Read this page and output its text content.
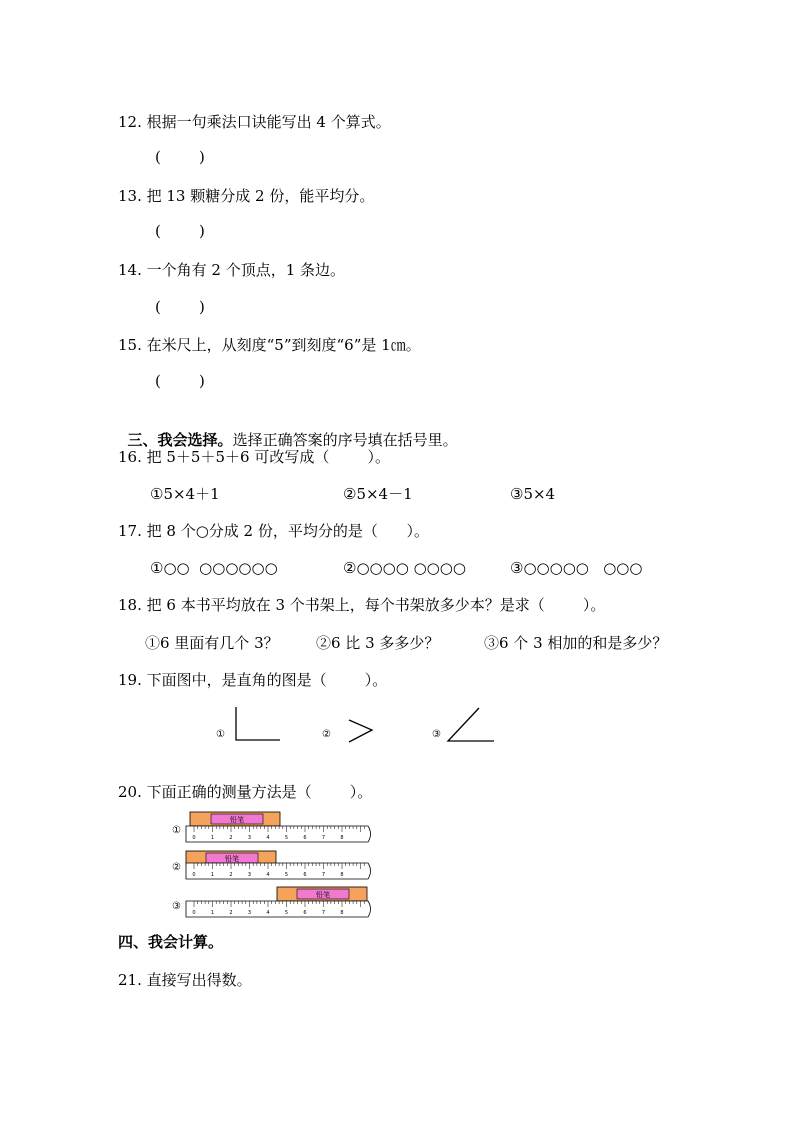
12. 根据一句乘法口诀能写出 4 个算式。
(        )
13. 把 13 颗糖分成 2 份，能平均分。
(        )
14. 一个角有 2 个顶点，1 条边。
(        )
15. 在米尺上，从刻度“5”到刻度“6”是 1㎝。
(        )

三、我会选择。选择正确答案的序号填在括号里。

16. 把 5＋5＋5＋6 可改写成（        ）。
①5×4＋1	②5×4－1	③5×4
17. 把 8 个○分成 2 份，平均分的是（      ）。
①○○  ○○○○○○	②○○○○ ○○○○	③○○○○○   ○○○
18. 把 6 本书平均放在 3 个书架上，每个书架放多少本？是求（        ）。
①6 里面有几个 3？ ②6 比 3 多多少？	③6 个 3 相加的和是多少？
19. 下面图中，是直角的图是（        ）。
①	②	③
20. 下面正确的测量方法是（        ）。
①
铅笔
0	1	2	3	4	5	6	7	8
②
铅笔
0	1	2	3	4	5	6	7	8
③
铅笔
0	1	2	3	4	5	6	7	8
四、我会计算。
21. 直接写出得数。
